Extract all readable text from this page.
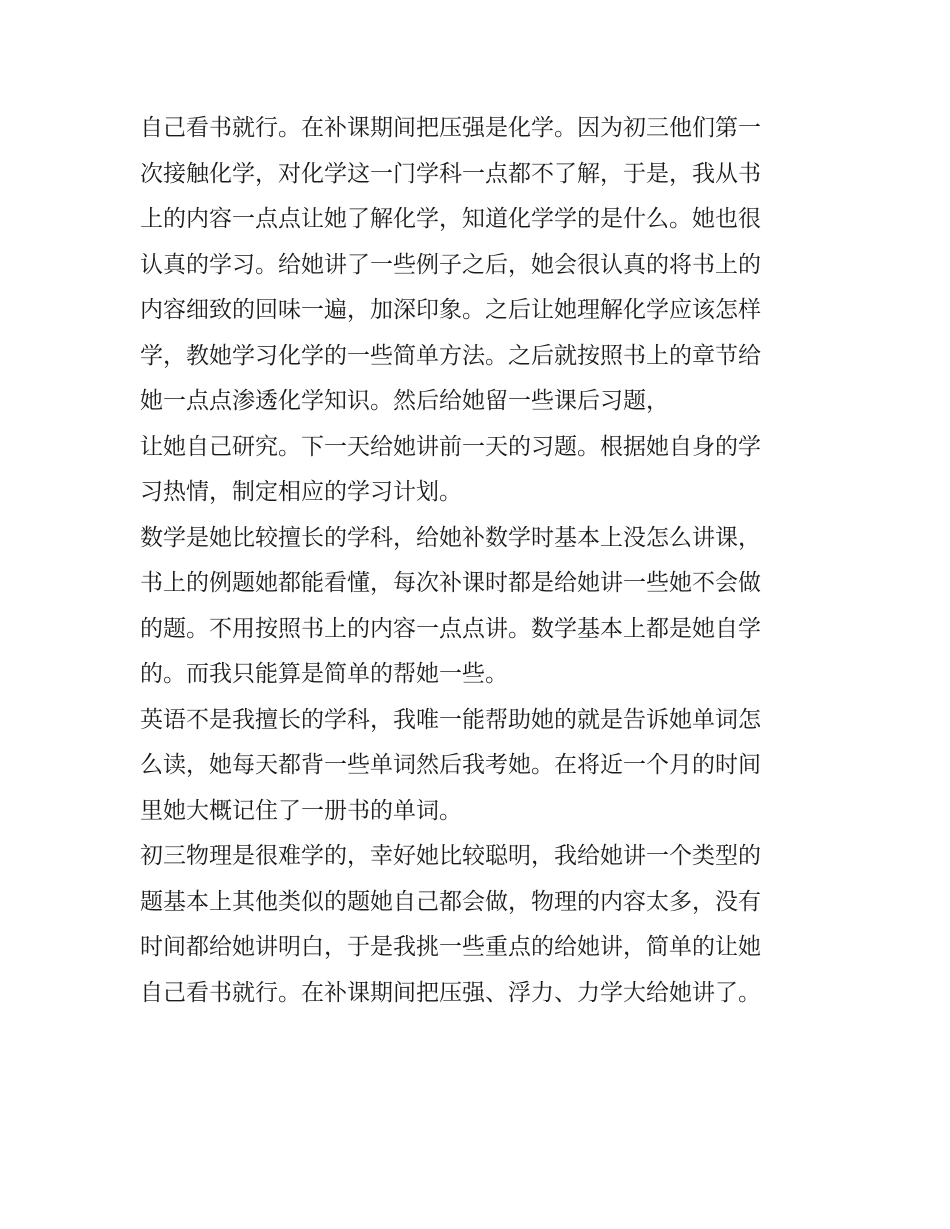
自己看书就行。在补课期间把压强是化学。因为初三他们第一
次接触化学，对化学这一门学科一点都不了解，于是，我从书
上的内容一点点让她了解化学，知道化学学的是什么。她也很
认真的学习。给她讲了一些例子之后，她会很认真的将书上的
内容细致的回味一遍，加深印象。之后让她理解化学应该怎样
学，教她学习化学的一些简单方法。之后就按照书上的章节给
她一点点渗透化学知识。然后给她留一些课后习题，
让她自己研究。下一天给她讲前一天的习题。根据她自身的学
习热情，制定相应的学习计划。
数学是她比较擅长的学科，给她补数学时基本上没怎么讲课，
书上的例题她都能看懂，每次补课时都是给她讲一些她不会做
的题。不用按照书上的内容一点点讲。数学基本上都是她自学
的。而我只能算是简单的帮她一些。
英语不是我擅长的学科，我唯一能帮助她的就是告诉她单词怎
么读，她每天都背一些单词然后我考她。在将近一个月的时间
里她大概记住了一册书的单词。
初三物理是很难学的，幸好她比较聪明，我给她讲一个类型的
题基本上其他类似的题她自己都会做，物理的内容太多，没有
时间都给她讲明白，于是我挑一些重点的给她讲，简单的让她
自己看书就行。在补课期间把压强、浮力、力学大给她讲了。
